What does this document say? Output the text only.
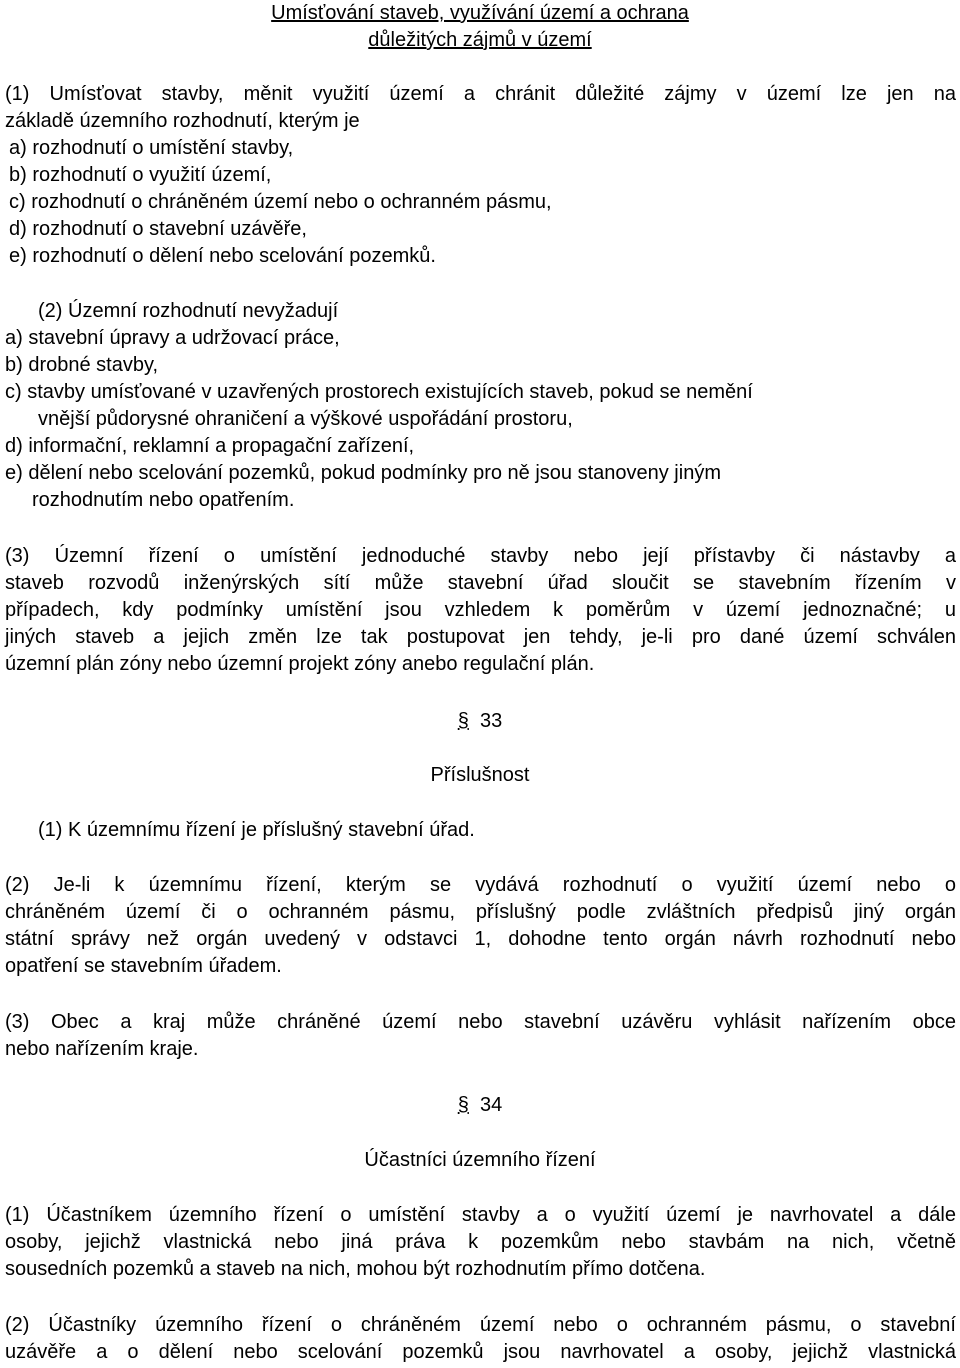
Umísťování staveb, využívání území a ochrana
důležitých zájmů v území
(1) Umísťovat stavby, měnit využití území a chránit důležité zájmy v území lze jen na
základě územního rozhodnutí, kterým je
a) rozhodnutí o umístění stavby,
b) rozhodnutí o využití území,
c) rozhodnutí o chráněném území nebo o ochranném pásmu,
d) rozhodnutí o stavební uzávěře,
e) rozhodnutí o dělení nebo scelování pozemků.
(2) Územní rozhodnutí nevyžadují
a) stavební úpravy a udržovací práce,
b) drobné stavby,
c) stavby umísťované v uzavřených prostorech existujících staveb, pokud se nemění
vnější půdorysné ohraničení a výškové uspořádání prostoru,
d) informační, reklamní a propagační zařízení,
e) dělení nebo scelování pozemků, pokud podmínky pro ně jsou stanoveny jiným
rozhodnutím nebo opatřením.
(3) Územní řízení o umístění jednoduché stavby nebo její přístavby či nástavby a
staveb rozvodů inženýrských sítí může stavební úřad sloučit se stavebním řízením v
případech, kdy podmínky umístění jsou vzhledem k poměrům v území jednoznačné; u
jiných staveb a jejich změn lze tak postupovat jen tehdy, je-li pro dané území schválen
územní plán zóny nebo územní projekt zóny anebo regulační plán.
§ 33
Příslušnost
(1) K územnímu řízení je příslušný stavební úřad.
(2) Je-li k územnímu řízení, kterým se vydává rozhodnutí o využití území nebo o
chráněném území či o ochranném pásmu, příslušný podle zvláštních předpisů jiný orgán
státní správy než orgán uvedený v odstavci 1, dohodne tento orgán návrh rozhodnutí nebo
opatření se stavebním úřadem.
(3) Obec a kraj může chráněné území nebo stavební uzávěru vyhlásit nařízením obce
nebo nařízením kraje.
§ 34
Účastníci územního řízení
(1) Účastníkem územního řízení o umístění stavby a o využití území je navrhovatel a dále
osoby, jejichž vlastnická nebo jiná práva k pozemkům nebo stavbám na nich, včetně
sousedních pozemků a staveb na nich, mohou být rozhodnutím přímo dotčena.
(2) Účastníky územního řízení o chráněném území nebo o ochranném pásmu, o stavební
uzávěře a o dělení nebo scelování pozemků jsou navrhovatel a osoby, jejichž vlastnická
